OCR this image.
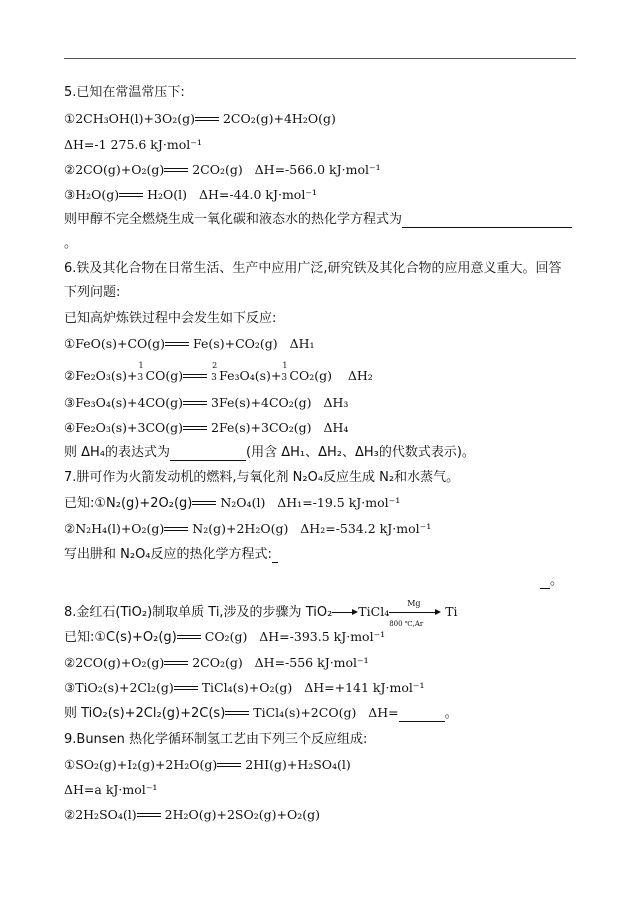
5.已知在常温常压下:
①2CH₃OH(l)+3O₂(g) 2CO₂(g)+4H₂O(g)
ΔH=-1 275.6 kJ·mol⁻¹
②2CO(g)+O₂(g) 2CO₂(g) ΔH=-566.0 kJ·mol⁻¹
③H₂O(g) H₂O(l) ΔH=-44.0 kJ·mol⁻¹
则甲醇不完全燃烧生成一氧化碳和液态水的热化学方程式为
。
6.铁及其化合物在日常生活、生产中应用广泛,研究铁及其化合物的应用意义重大。回答
下列问题:
已知高炉炼铁过程中会发生如下反应:
①FeO(s)+CO(g) Fe(s)+CO₂(g) ΔH₁
②Fe₂O₃(s)+
1
3 CO(g)
2
3 Fe₃O₄(s)+
1
3 CO₂(g) ΔH₂
③Fe₃O₄(s)+4CO(g) 3Fe(s)+4CO₂(g) ΔH₃
④Fe₂O₃(s)+3CO(g) 2Fe(s)+3CO₂(g) ΔH₄
则 ΔH₄的表达式为	(用含 ΔH₁、ΔH₂、ΔH₃的代数式表示)。
7.肼可作为火箭发动机的燃料,与氧化剂 N₂O₄反应生成 N₂和水蒸气。
已知:①N₂(g)+2O₂(g) N₂O₄(l) ΔH₁=-19.5 kJ·mol⁻¹
②N₂H₄(l)+O₂(g) N₂(g)+2H₂O(g) ΔH₂=-534.2 kJ·mol⁻¹
写出肼和 N₂O₄反应的热化学方程式:
。
8.金红石(TiO₂)制取单质 Ti,涉及的步骤为 TiO₂ TiCl₄
Mg
800 ℃,Ar
Ti
已知:①C(s)+O₂(g) CO₂(g) ΔH=-393.5 kJ·mol⁻¹
②2CO(g)+O₂(g) 2CO₂(g) ΔH=-556 kJ·mol⁻¹
③TiO₂(s)+2Cl₂(g) TiCl₄(s)+O₂(g) ΔH=+141 kJ·mol⁻¹
则 TiO₂(s)+2Cl₂(g)+2C(s) TiCl₄(s)+2CO(g) ΔH=	。
9.Bunsen 热化学循环制氢工艺由下列三个反应组成:
①SO₂(g)+I₂(g)+2H₂O(g) 2HI(g)+H₂SO₄(l)
ΔH=a kJ·mol⁻¹
②2H₂SO₄(l) 2H₂O(g)+2SO₂(g)+O₂(g)
